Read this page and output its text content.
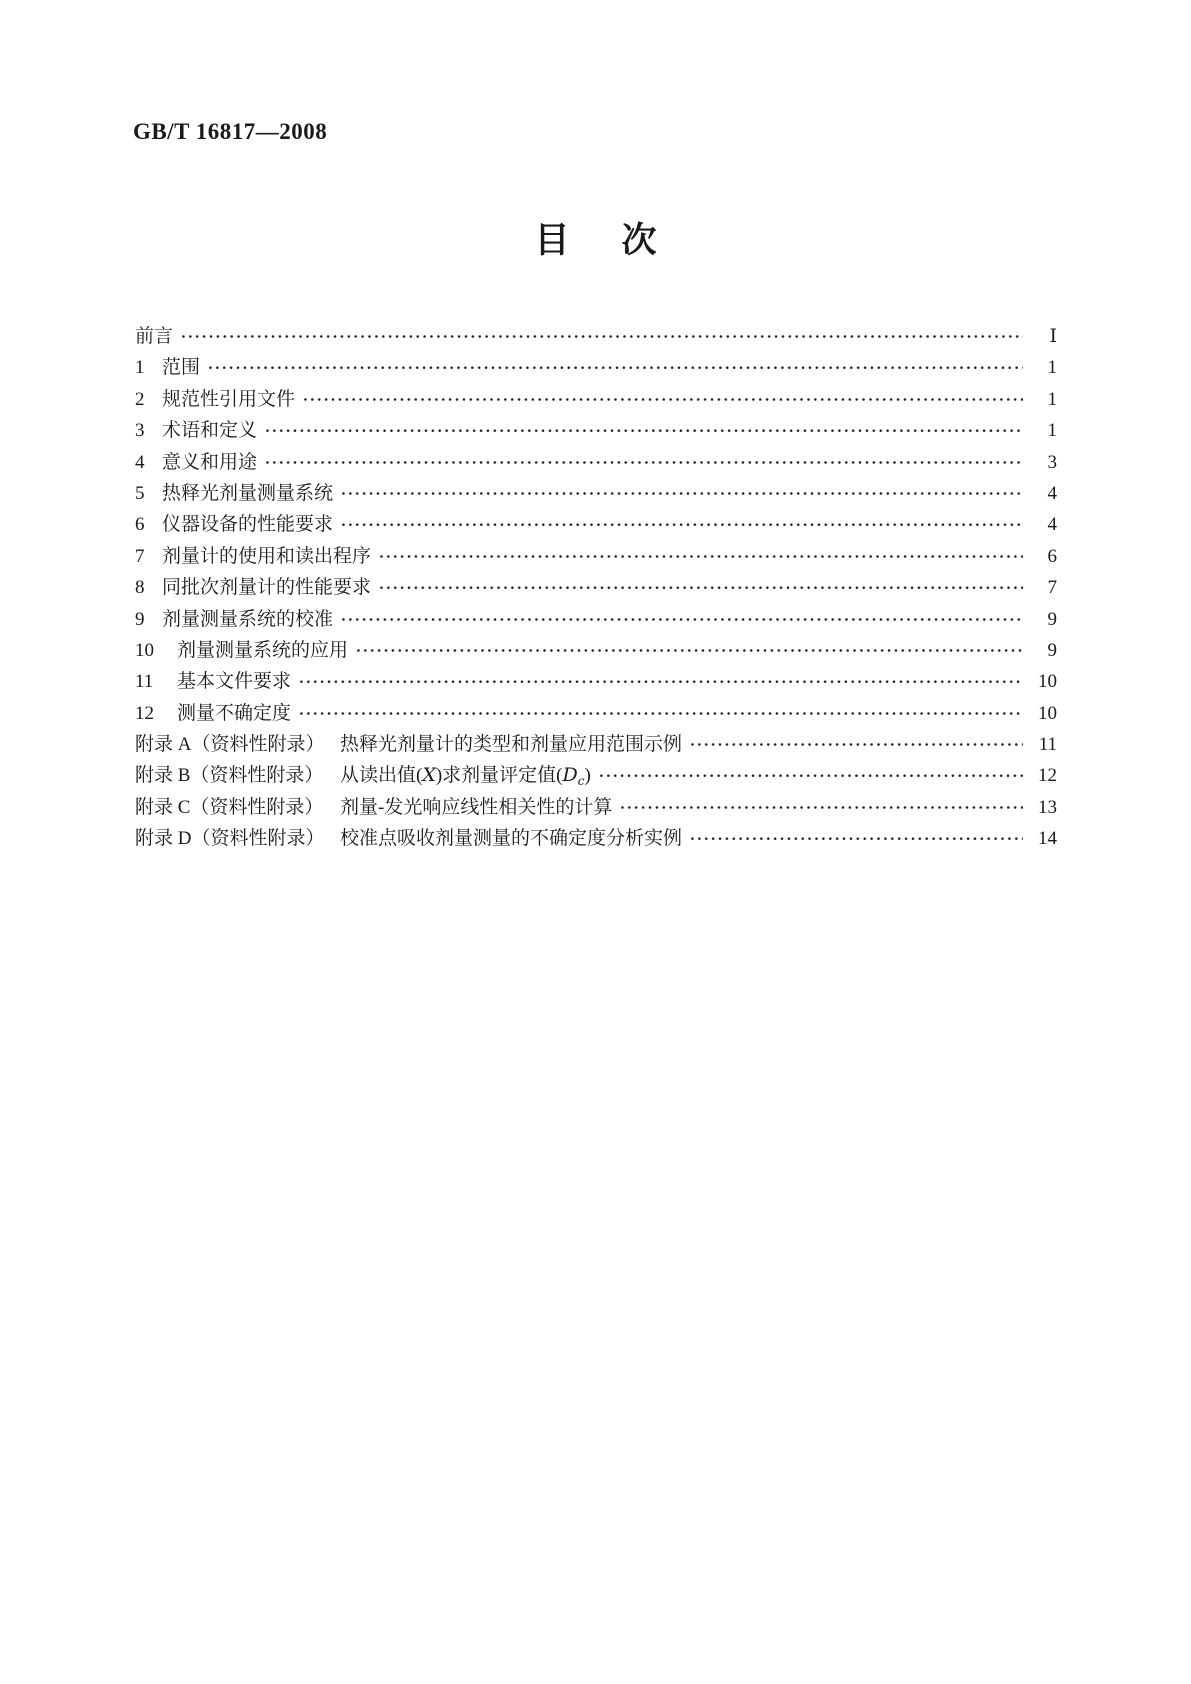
GB/T 16817—2008
目 次
前言	Ⅰ
1 范围	1
2 规范性引用文件	1
3 术语和定义	1
4 意义和用途	3
5 热释光剂量测量系统	4
6 仪器设备的性能要求	4
7 剂量计的使用和读出程序	6
8 同批次剂量计的性能要求	7
9 剂量测量系统的校准	9
10	剂量测量系统的应用	9
11	基本文件要求	10
12	测量不确定度	10
附录 A（资料性附录） 热释光剂量计的类型和剂量应用范围示例	11
附录 B（资料性附录） 从读出值(X)求剂量评定值$(D_c)$	12
附录 C（资料性附录） 剂量-发光响应线性相关性的计算	13
附录 D（资料性附录） 校准点吸收剂量测量的不确定度分析实例	14
